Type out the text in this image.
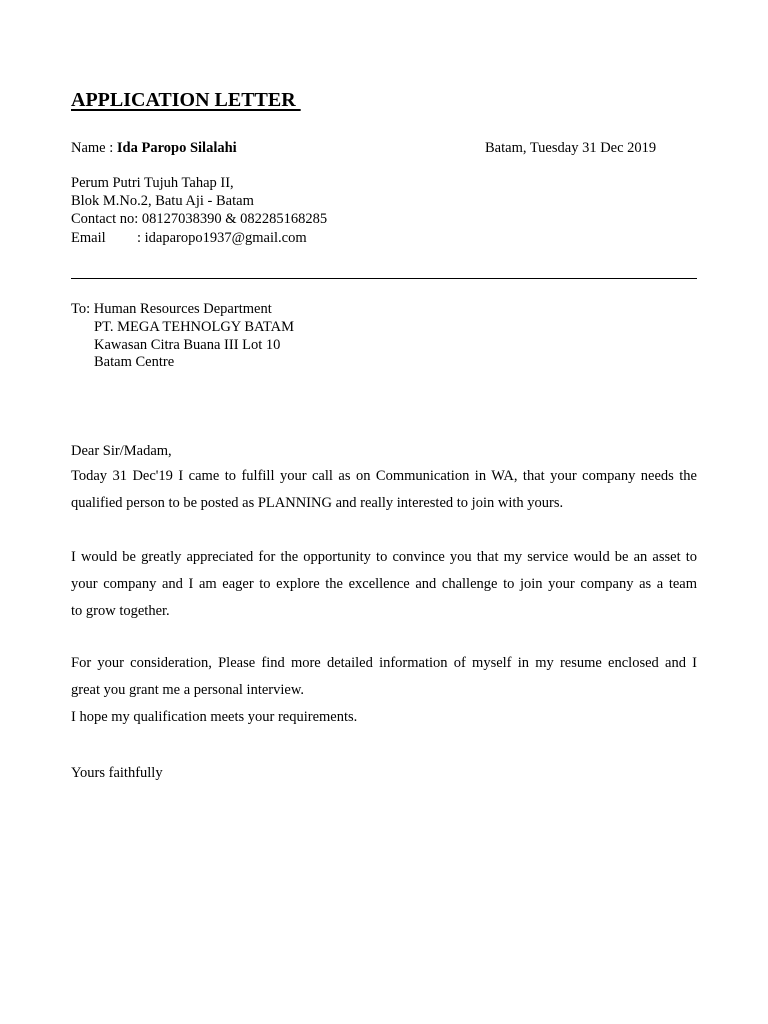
APPLICATION LETTER
Name : Ida Paropo Silalahi	Batam, Tuesday 31 Dec 2019
Perum Putri Tujuh Tahap II,
Blok M.No.2, Batu Aji - Batam
Contact no: 08127038390 & 082285168285
Email : idaparopo1937@gmail.com
To: Human Resources Department
PT. MEGA TEHNOLGY BATAM
Kawasan Citra Buana III Lot 10
Batam Centre
Dear Sir/Madam,
Today 31 Dec'19 I came to fulfill your call as on Communication in WA, that your company needs the
qualified person to be posted as PLANNING and really interested to join with yours.
I would be greatly appreciated for the opportunity to convince you that my service would be an asset to
your company and I am eager to explore the excellence and challenge to join your company as a team
to grow together.
For your consideration, Please find more detailed information of myself in my resume enclosed and I
great you grant me a personal interview.
I hope my qualification meets your requirements.
Yours faithfully
